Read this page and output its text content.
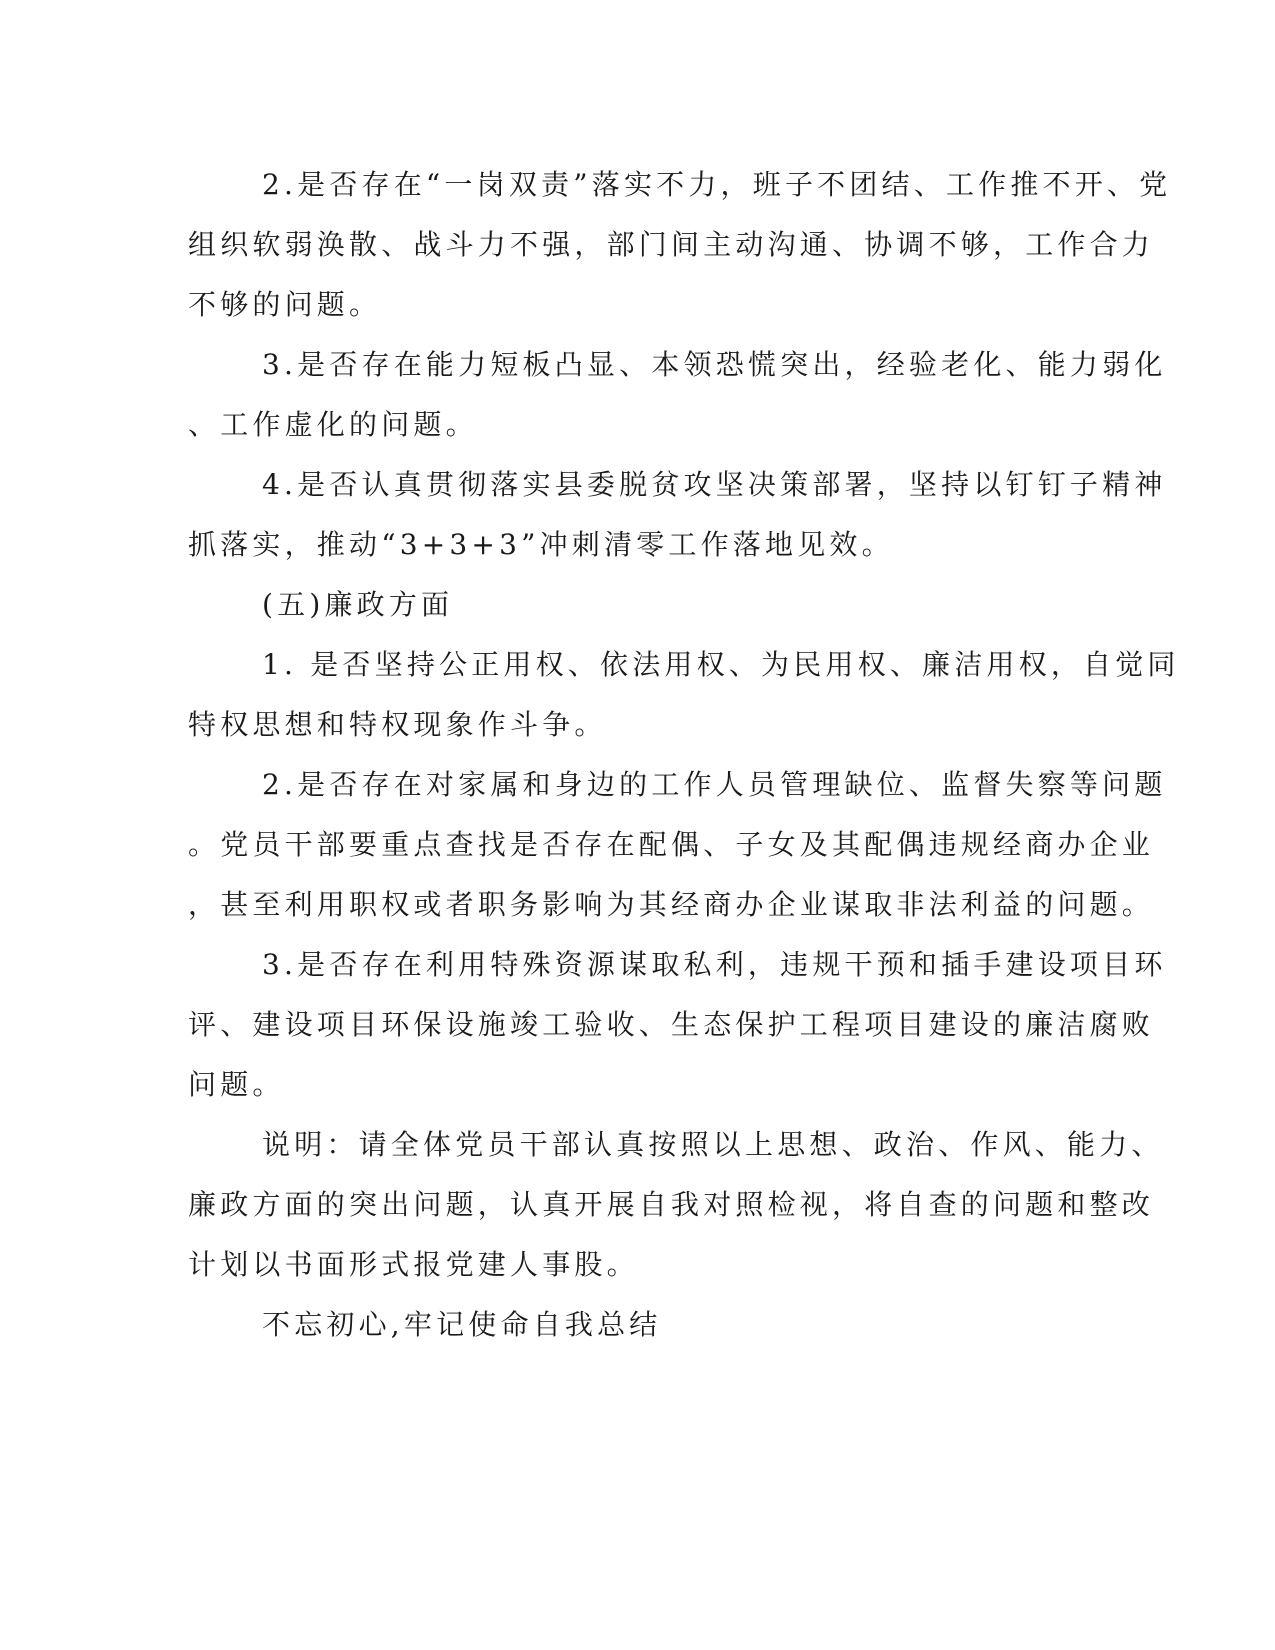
2.是否存在“一岗双责”落实不力，班子不团结、工作推不开、党
组织软弱涣散、战斗力不强，部门间主动沟通、协调不够，工作合力
不够的问题。

3.是否存在能力短板凸显、本领恐慌突出，经验老化、能力弱化
、工作虚化的问题。

4.是否认真贯彻落实县委脱贫攻坚决策部署，坚持以钉钉子精神
抓落实，推动“3+3+3”冲刺清零工作落地见效。

(五)廉政方面

1. 是否坚持公正用权、依法用权、为民用权、廉洁用权，自觉同
特权思想和特权现象作斗争。

2.是否存在对家属和身边的工作人员管理缺位、监督失察等问题
。党员干部要重点查找是否存在配偶、子女及其配偶违规经商办企业
，甚至利用职权或者职务影响为其经商办企业谋取非法利益的问题。

3.是否存在利用特殊资源谋取私利，违规干预和插手建设项目环
评、建设项目环保设施竣工验收、生态保护工程项目建设的廉洁腐败
问题。

说明：请全体党员干部认真按照以上思想、政治、作风、能力、
廉政方面的突出问题，认真开展自我对照检视，将自查的问题和整改
计划以书面形式报党建人事股。

不忘初心,牢记使命自我总结
